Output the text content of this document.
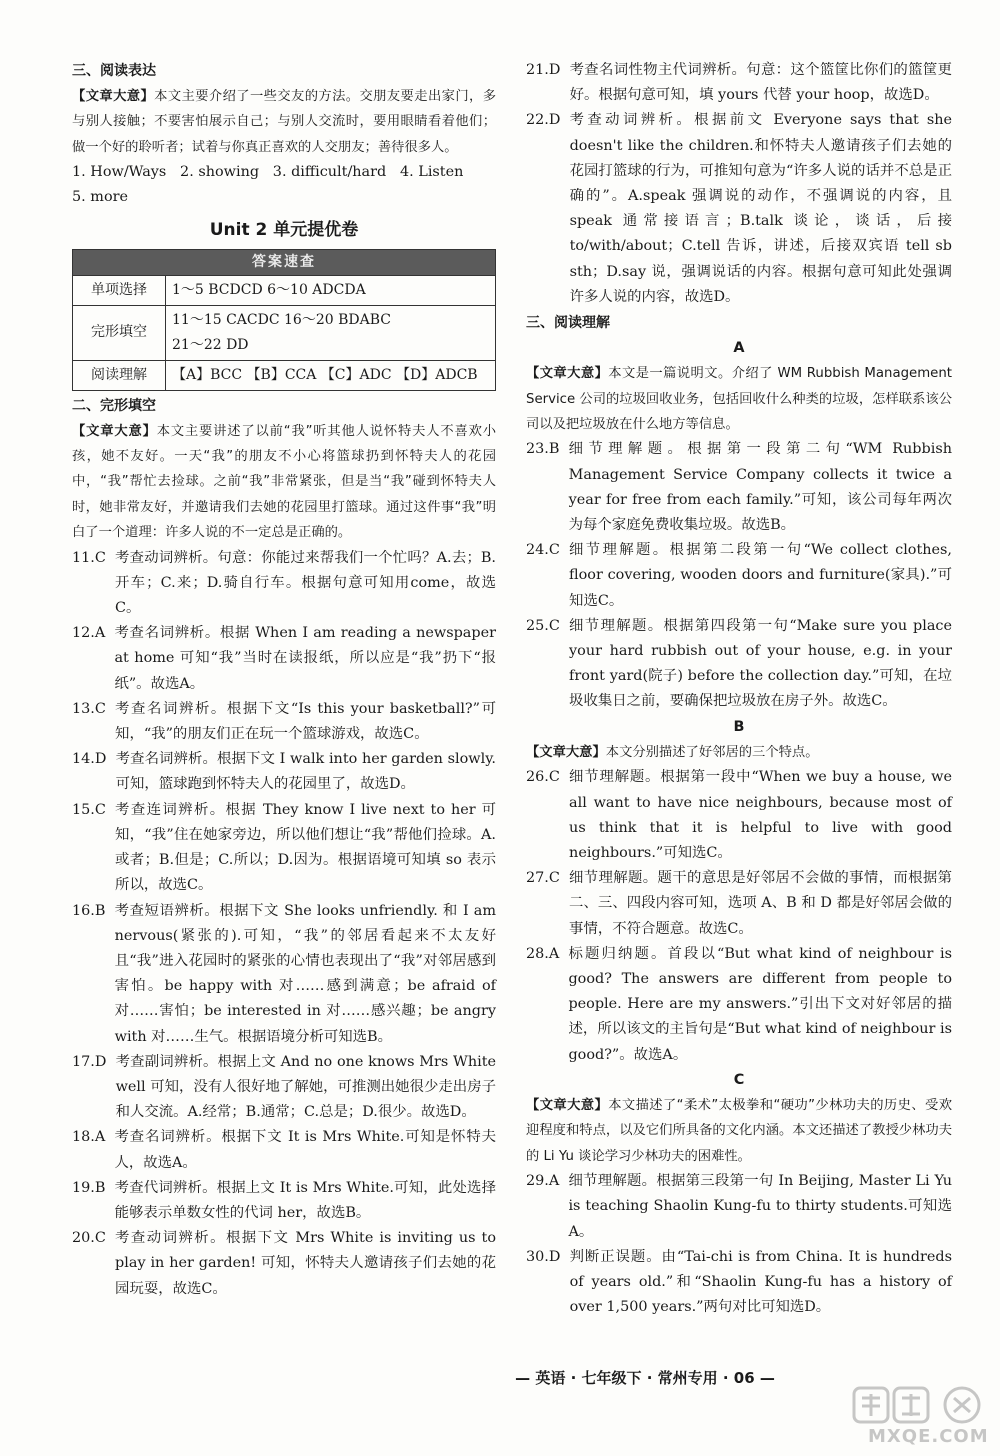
三、阅读表达
【文章大意】本文主要介绍了一些交友的方法。交朋友要走出家门，多与别人接触；不要害怕展示自己；与别人交流时，要用眼睛看着他们；做一个好的聆听者；试着与你真正喜欢的人交朋友；善待很多人。
1. How/Ways   2. showing   3. difficult/hard   4. Listen
5. more
Unit 2 单元提优卷
答案速查	
单项选择	1～5 BCDCD 6～10 ADCDA
完形填空	11～15 CACDC 16～20 BDABC
21～22 DD

阅读理解	【A】BCC 【B】CCA 【C】ADC 【D】ADCB
二、完形填空
【文章大意】本文主要讲述了以前“我”听其他人说怀特夫人不喜欢小孩，她不友好。一天“我”的朋友不小心将篮球扔到怀特夫人的花园中，“我”帮忙去捡球。之前“我”非常紧张，但是当“我”碰到怀特夫人时，她非常友好，并邀请我们去她的花园里打篮球。通过这件事“我”明白了一个道理：许多人说的不一定总是正确的。
11.C 考查动词辨析。句意：你能过来帮我们一个忙吗？A.去；B.开车；C.来；D.骑自行车。根据句意可知用come，故选C。
12.A 考查名词辨析。根据 When I am reading a newspaper at home 可知“我”当时在读报纸，所以应是“我”扔下“报纸”。故选A。
13.C 考查名词辨析。根据下文“Is this your basketball?”可知，“我”的朋友们正在玩一个篮球游戏，故选C。
14.D 考查名词辨析。根据下文 I walk into her garden slowly.可知，篮球跑到怀特夫人的花园里了，故选D。
15.C 考查连词辨析。根据 They know I live next to her 可知，“我”住在她家旁边，所以他们想让“我”帮他们捡球。A.或者；B.但是；C.所以；D.因为。根据语境可知填 so 表示所以，故选C。
16.B 考查短语辨析。根据下文 She looks unfriendly. 和 I am nervous(紧张的).可知，“我”的邻居看起来不太友好且“我”进入花园时的紧张的心情也表现出了“我”对邻居感到害怕。be happy with 对……感到满意；be afraid of 对……害怕；be interested in 对……感兴趣；be angry with 对……生气。根据语境分析可知选B。
17.D 考查副词辨析。根据上文 And no one knows Mrs White well 可知，没有人很好地了解她，可推测出她很少走出房子和人交流。A.经常；B.通常；C.总是；D.很少。故选D。
18.A 考查名词辨析。根据下文 It is Mrs White.可知是怀特夫人，故选A。
19.B 考查代词辨析。根据上文 It is Mrs White.可知，此处选择能够表示单数女性的代词 her，故选B。
20.C 考查动词辨析。根据下文 Mrs White is inviting us to play in her garden! 可知，怀特夫人邀请孩子们去她的花园玩耍，故选C。
21.D 考查名词性物主代词辨析。句意：这个篮筐比你们的篮筐更好。根据句意可知，填 yours 代替 your hoop，故选D。
22.D 考查动词辨析。根据前文 Everyone says that she doesn't like the children.和怀特夫人邀请孩子们去她的花园打篮球的行为，可推知句意为“许多人说的话并不总是正确的”。A.speak 强调说的动作，不强调说的内容，且 speak 通常接语言；B.talk 谈论，谈话，后接 to/with/about；C.tell 告诉，讲述，后接双宾语 tell sb sth；D.say 说，强调说话的内容。根据句意可知此处强调许多人说的内容，故选D。
三、阅读理解
A
【文章大意】本文是一篇说明文。介绍了 WM Rubbish Management Service 公司的垃圾回收业务，包括回收什么种类的垃圾，怎样联系该公司以及把垃圾放在什么地方等信息。
23.B 细节理解题。根据第一段第二句“WM Rubbish Management Service Company collects it twice a year for free from each family.”可知，该公司每年两次为每个家庭免费收集垃圾。故选B。
24.C 细节理解题。根据第二段第一句“We collect clothes, floor covering, wooden doors and furniture(家具).”可知选C。
25.C 细节理解题。根据第四段第一句“Make sure you place your hard rubbish out of your house, e.g. in your front yard(院子) before the collection day.”可知，在垃圾收集日之前，要确保把垃圾放在房子外。故选C。
B
【文章大意】本文分别描述了好邻居的三个特点。
26.C 细节理解题。根据第一段中“When we buy a house, we all want to have nice neighbours, because most of us think that it is helpful to live with good neighbours.”可知选C。
27.C 细节理解题。题干的意思是好邻居不会做的事情，而根据第二、三、四段内容可知，选项 A、B 和 D 都是好邻居会做的事情，不符合题意。故选C。
28.A 标题归纳题。首段以“But what kind of neighbour is good? The answers are different from people to people. Here are my answers.”引出下文对好邻居的描述，所以该文的主旨句是“But what kind of neighbour is good?”。故选A。
C
【文章大意】本文描述了“柔术”太极拳和“硬功”少林功夫的历史、受欢迎程度和特点，以及它们所具备的文化内涵。本文还描述了教授少林功夫的 Li Yu 谈论学习少林功夫的困难性。
29.A 细节理解题。根据第三段第一句 In Beijing, Master Li Yu is teaching Shaolin Kung-fu to thirty students.可知选A。
30.D 判断正误题。由“Tai-chi is from China. It is hundreds of years old.”和“Shaolin Kung-fu has a history of over 1,500 years.”两句对比可知选D。
— 英语 · 七年级下 · 常州专用 · 06 —
MXQE.COM
